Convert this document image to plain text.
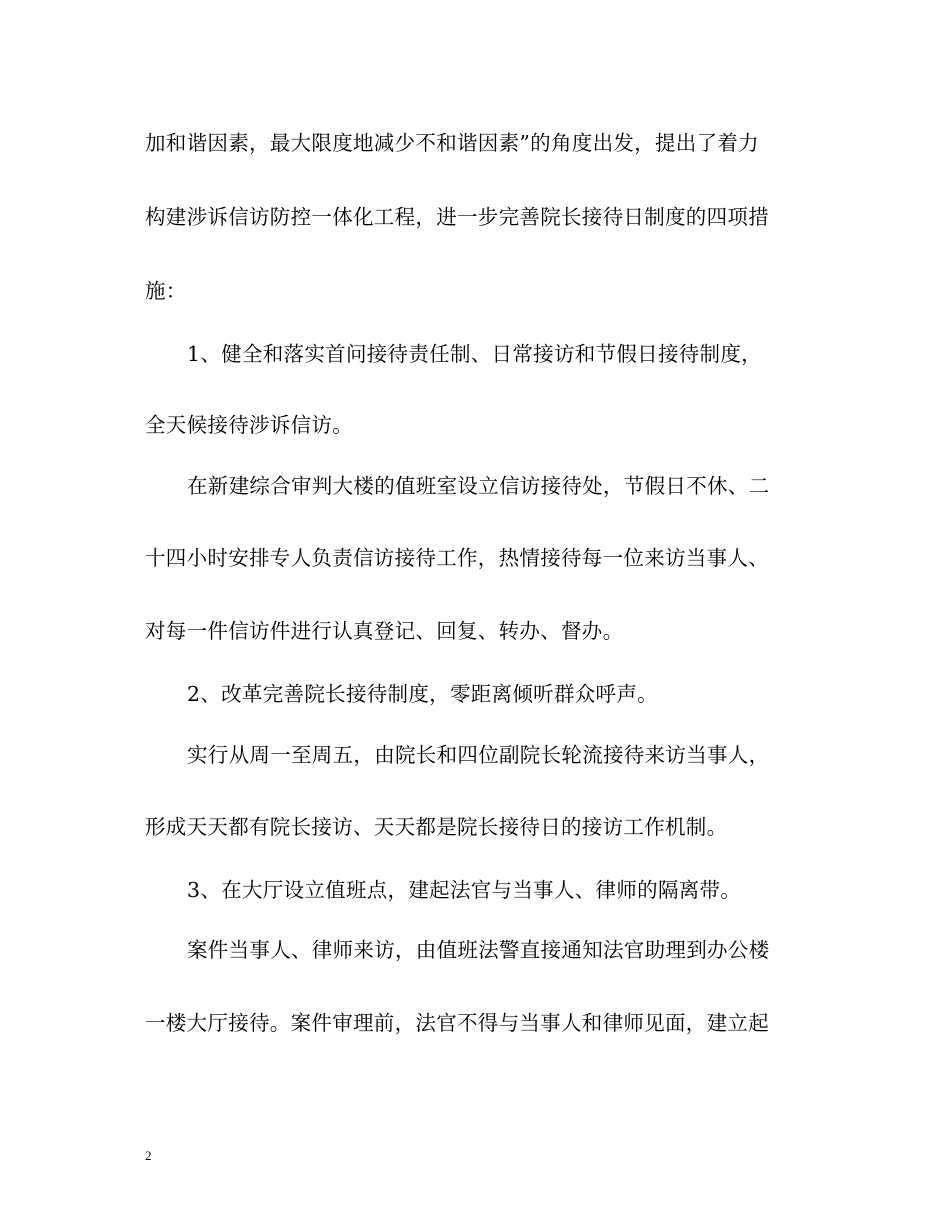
加和谐因素，最大限度地减少不和谐因素”的角度出发，提出了着力
构建涉诉信访防控一体化工程，进一步完善院长接待日制度的四项措
施：
1、健全和落实首问接待责任制、日常接访和节假日接待制度，
全天候接待涉诉信访。
在新建综合审判大楼的值班室设立信访接待处，节假日不休、二
十四小时安排专人负责信访接待工作，热情接待每一位来访当事人、
对每一件信访件进行认真登记、回复、转办、督办。
2、改革完善院长接待制度，零距离倾听群众呼声。
实行从周一至周五，由院长和四位副院长轮流接待来访当事人，
形成天天都有院长接访、天天都是院长接待日的接访工作机制。
3、在大厅设立值班点，建起法官与当事人、律师的隔离带。
案件当事人、律师来访，由值班法警直接通知法官助理到办公楼
一楼大厅接待。案件审理前，法官不得与当事人和律师见面，建立起
2
